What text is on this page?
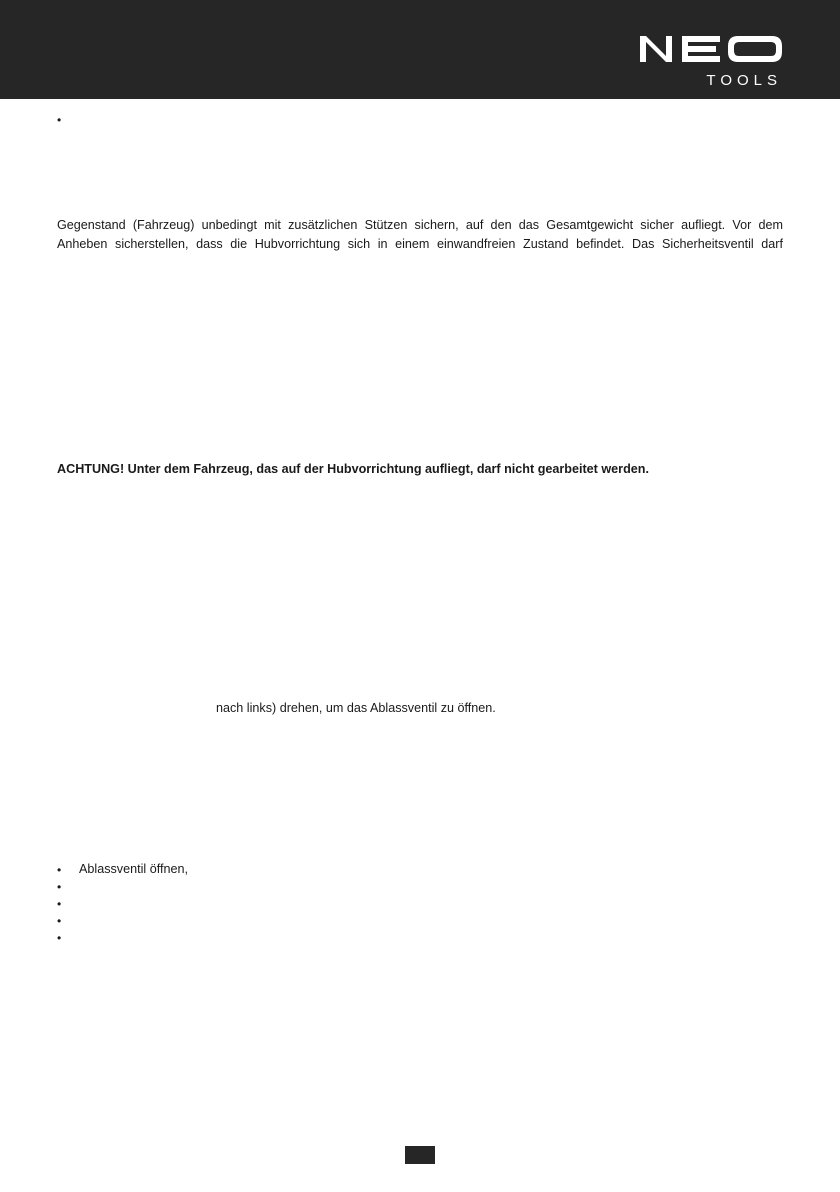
TOOLS
•
Gegenstand (Fahrzeug) unbedingt mit zusätzlichen Stützen sichern, auf den das Gesamtgewicht sicher aufliegt. Vor dem
Anheben sicherstellen, dass die Hubvorrichtung sich in einem einwandfreien Zustand befindet. Das Sicherheitsventil darf
ACHTUNG! Unter dem Fahrzeug, das auf der Hubvorrichtung aufliegt, darf nicht gearbeitet werden.
nach links) drehen, um das Ablassventil zu öffnen.
•	Ablassventil öffnen,
•
•
•
•
